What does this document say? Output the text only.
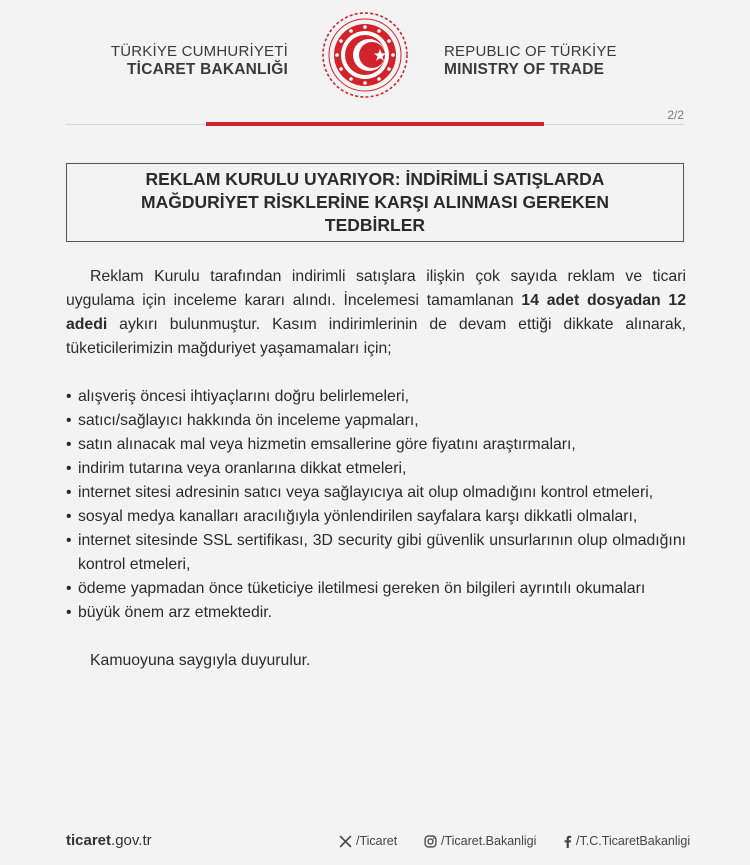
TÜRKİYE CUMHURİYETİ
TİCARET BAKANLIĞI
REPUBLIC OF TÜRKİYE
MINISTRY OF TRADE
2/2
REKLAM KURULU UYARIYOR: İNDİRİMLİ SATIŞLARDA MAĞDURİYET RİSKLERİNE KARŞI ALINMASI GEREKEN TEDBİRLER

Reklam Kurulu tarafından indirimli satışlara ilişkin çok sayıda reklam ve ticari uygulama için inceleme kararı alındı. İncelemesi tamamlanan 14 adet dosyadan 12 adedi aykırı bulunmuştur. Kasım indirimlerinin de devam ettiği dikkate alınarak, tüketicilerimizin mağduriyet yaşamamaları için;

• alışveriş öncesi ihtiyaçlarını doğru belirlemeleri,
• satıcı/sağlayıcı hakkında ön inceleme yapmaları,
• satın alınacak mal veya hizmetin emsallerine göre fiyatını araştırmaları,
• indirim tutarına veya oranlarına dikkat etmeleri,
• internet sitesi adresinin satıcı veya sağlayıcıya ait olup olmadığını kontrol etmeleri,
• sosyal medya kanalları aracılığıyla yönlendirilen sayfalara karşı dikkatli olmaları,
• internet sitesinde SSL sertifikası, 3D security gibi güvenlik unsurlarının olup olmadığını kontrol etmeleri,
• ödeme yapmadan önce tüketiciye iletilmesi gereken ön bilgileri ayrıntılı okumaları
• büyük önem arz etmektedir.

Kamuoyuna saygıyla duyurulur.

ticaret.gov.tr	/Ticaret	/Ticaret.Bakanligi	/T.C.TicaretBakanligi
